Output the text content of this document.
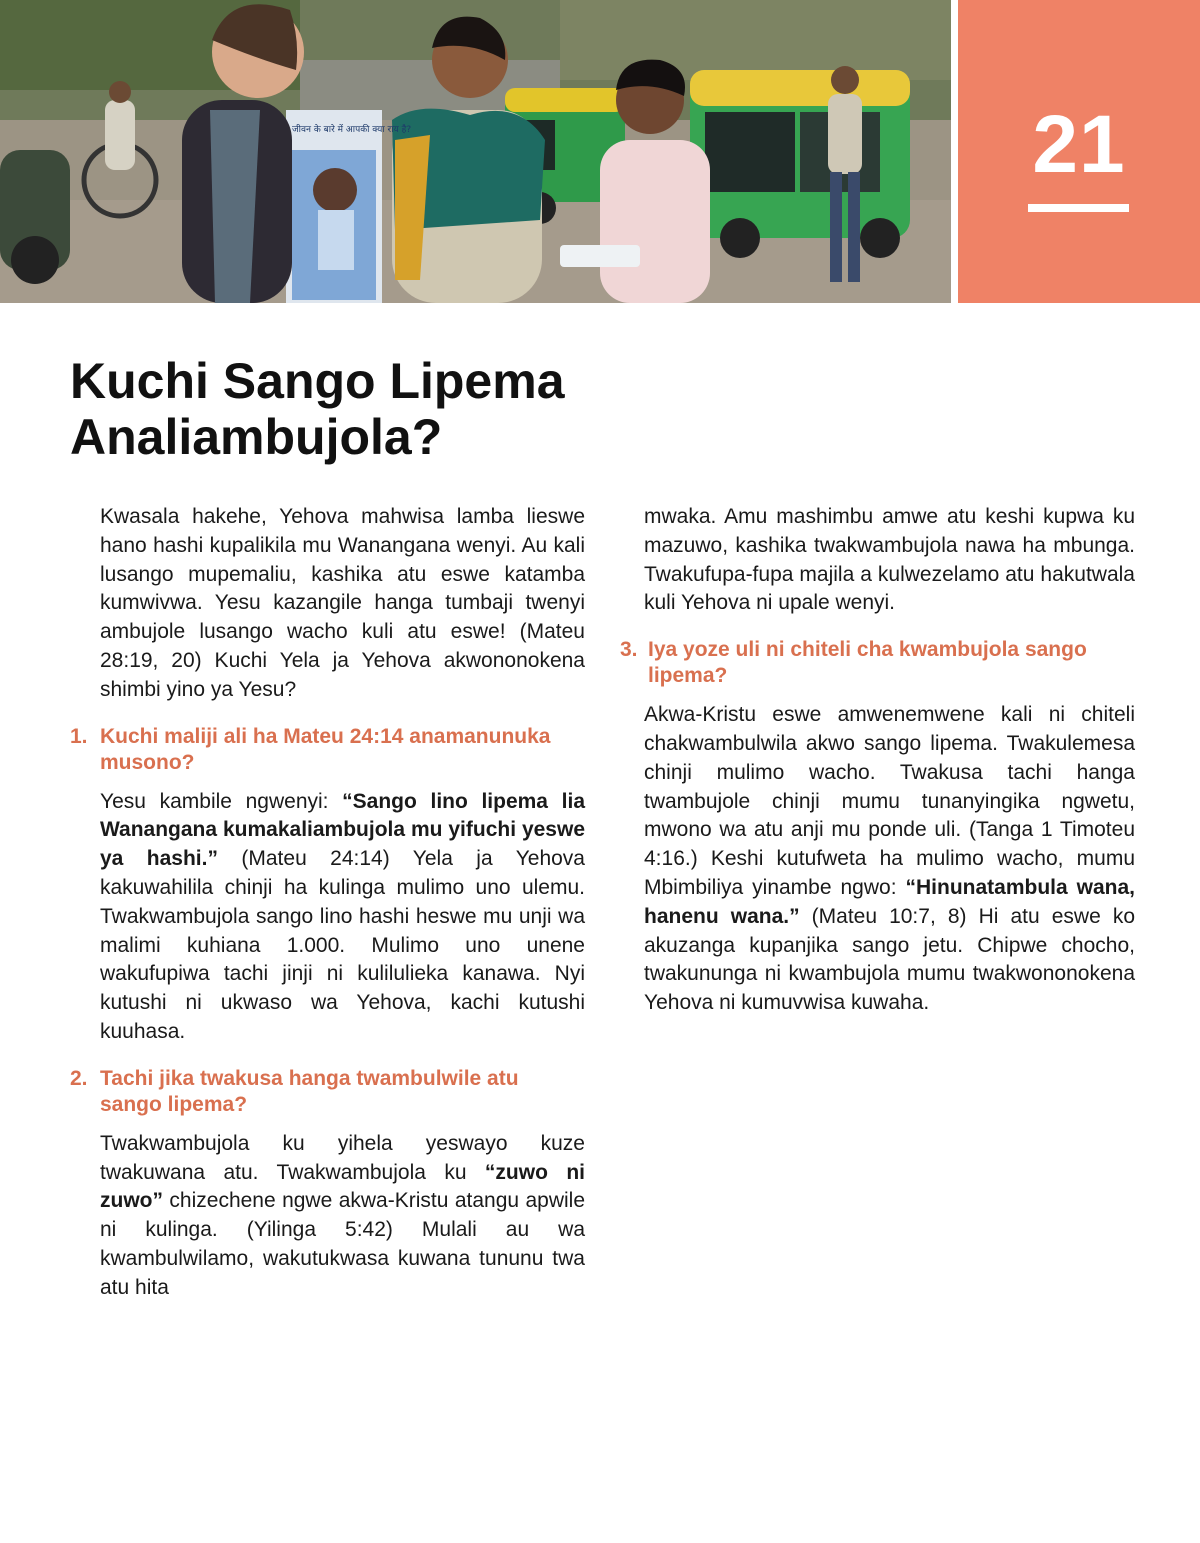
जीवन के बारे में आपकी क्या राय है?	21
Kuchi Sango Lipema
Analiambujola?

Kwasala hakehe, Yehova mahwisa lamba lieswe hano hashi kupalikila mu Wanangana wenyi. Au kali lusango mupemaliu, kashika atu eswe katamba kumwivwa. Yesu kazangile hanga tumbaji twenyi ambujole lusango wacho kuli atu eswe! (Mateu 28:19, 20) Kuchi Yela ja Yehova akwononokena shimbi yino ya Yesu?

1. Kuchi maliji ali ha Mateu 24:14 anamanunuka musono?

Yesu kambile ngwenyi: “Sango lino lipema lia Wanangana kumakaliambujola mu yifuchi yeswe ya hashi.” (Mateu 24:14) Yela ja Yehova kakuwahilila chinji ha kulinga mulimo uno ulemu. Twakwambujola sango lino hashi heswe mu unji wa malimi kuhiana 1.000. Mulimo uno unene wakufupiwa tachi jinji ni kulilulieka kanawa. Nyi kutushi ni ukwaso wa Yehova, kachi kutushi kuuhasa.

2. Tachi jika twakusa hanga twambulwile atu sango lipema?

Twakwambujola ku yihela yeswayo kuze twakuwana atu. Twakwambujola ku “zuwo ni zuwo” chizechene ngwe akwa-Kristu atangu apwile ni kulinga. (Yilinga 5:42) Mulali au wa kwambulwilamo, wakutukwasa kuwana tununu twa atu hita

mwaka. Amu mashimbu amwe atu keshi kupwa ku mazuwo, kashika twakwambujola nawa ha mbunga. Twakufupa-fupa majila a kulwezelamo atu hakutwala kuli Yehova ni upale wenyi.

3. Iya yoze uli ni chiteli cha kwambujola sango lipema?

Akwa-Kristu eswe amwenemwene kali ni chiteli chakwambulwila akwo sango lipema. Twakulemesa chinji mulimo wacho. Twakusa tachi hanga twambujole chinji mumu tunanyingika ngwetu, mwono wa atu anji mu ponde uli. (Tanga 1 Timoteu 4:16.) Keshi kutufweta ha mulimo wacho, mumu Mbimbiliya yinambe ngwo: “Hinunatambula wana, hanenu wana.” (Mateu 10:7, 8) Hi atu eswe ko akuzanga kupanjika sango jetu. Chipwe chocho, twakununga ni kwambujola mumu twakwononokena Yehova ni kumuvwisa kuwaha.
